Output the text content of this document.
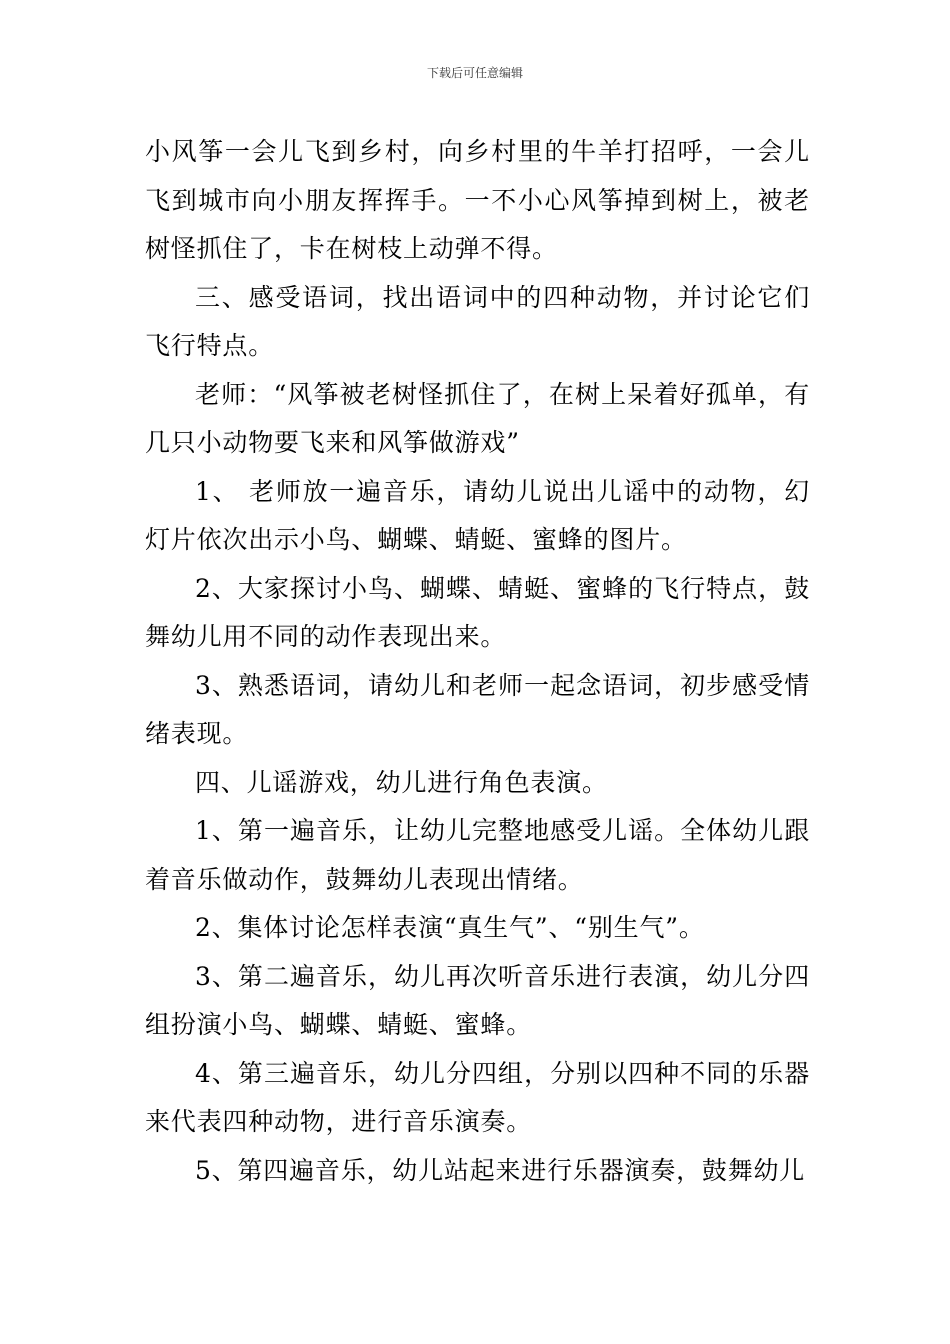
下载后可任意编辑

小风筝一会儿飞到乡村，向乡村里的牛羊打招呼，一会儿飞到城市向小朋友挥挥手。一不小心风筝掉到树上，被老树怪抓住了，卡在树枝上动弹不得。

三、感受语词，找出语词中的四种动物，并讨论它们飞行特点。

老师：“风筝被老树怪抓住了，在树上呆着好孤单，有几只小动物要飞来和风筝做游戏”

1、 老师放一遍音乐，请幼儿说出儿谣中的动物，幻灯片依次出示小鸟、蝴蝶、蜻蜓、蜜蜂的图片。

2、大家探讨小鸟、蝴蝶、蜻蜓、蜜蜂的飞行特点，鼓舞幼儿用不同的动作表现出来。

3、熟悉语词，请幼儿和老师一起念语词，初步感受情绪表现。

四、儿谣游戏，幼儿进行角色表演。

1、第一遍音乐，让幼儿完整地感受儿谣。全体幼儿跟着音乐做动作，鼓舞幼儿表现出情绪。

2、集体讨论怎样表演“真生气”、“别生气”。

3、第二遍音乐，幼儿再次听音乐进行表演，幼儿分四组扮演小鸟、蝴蝶、蜻蜓、蜜蜂。

4、第三遍音乐，幼儿分四组，分别以四种不同的乐器来代表四种动物，进行音乐演奏。

5、第四遍音乐，幼儿站起来进行乐器演奏，鼓舞幼儿
